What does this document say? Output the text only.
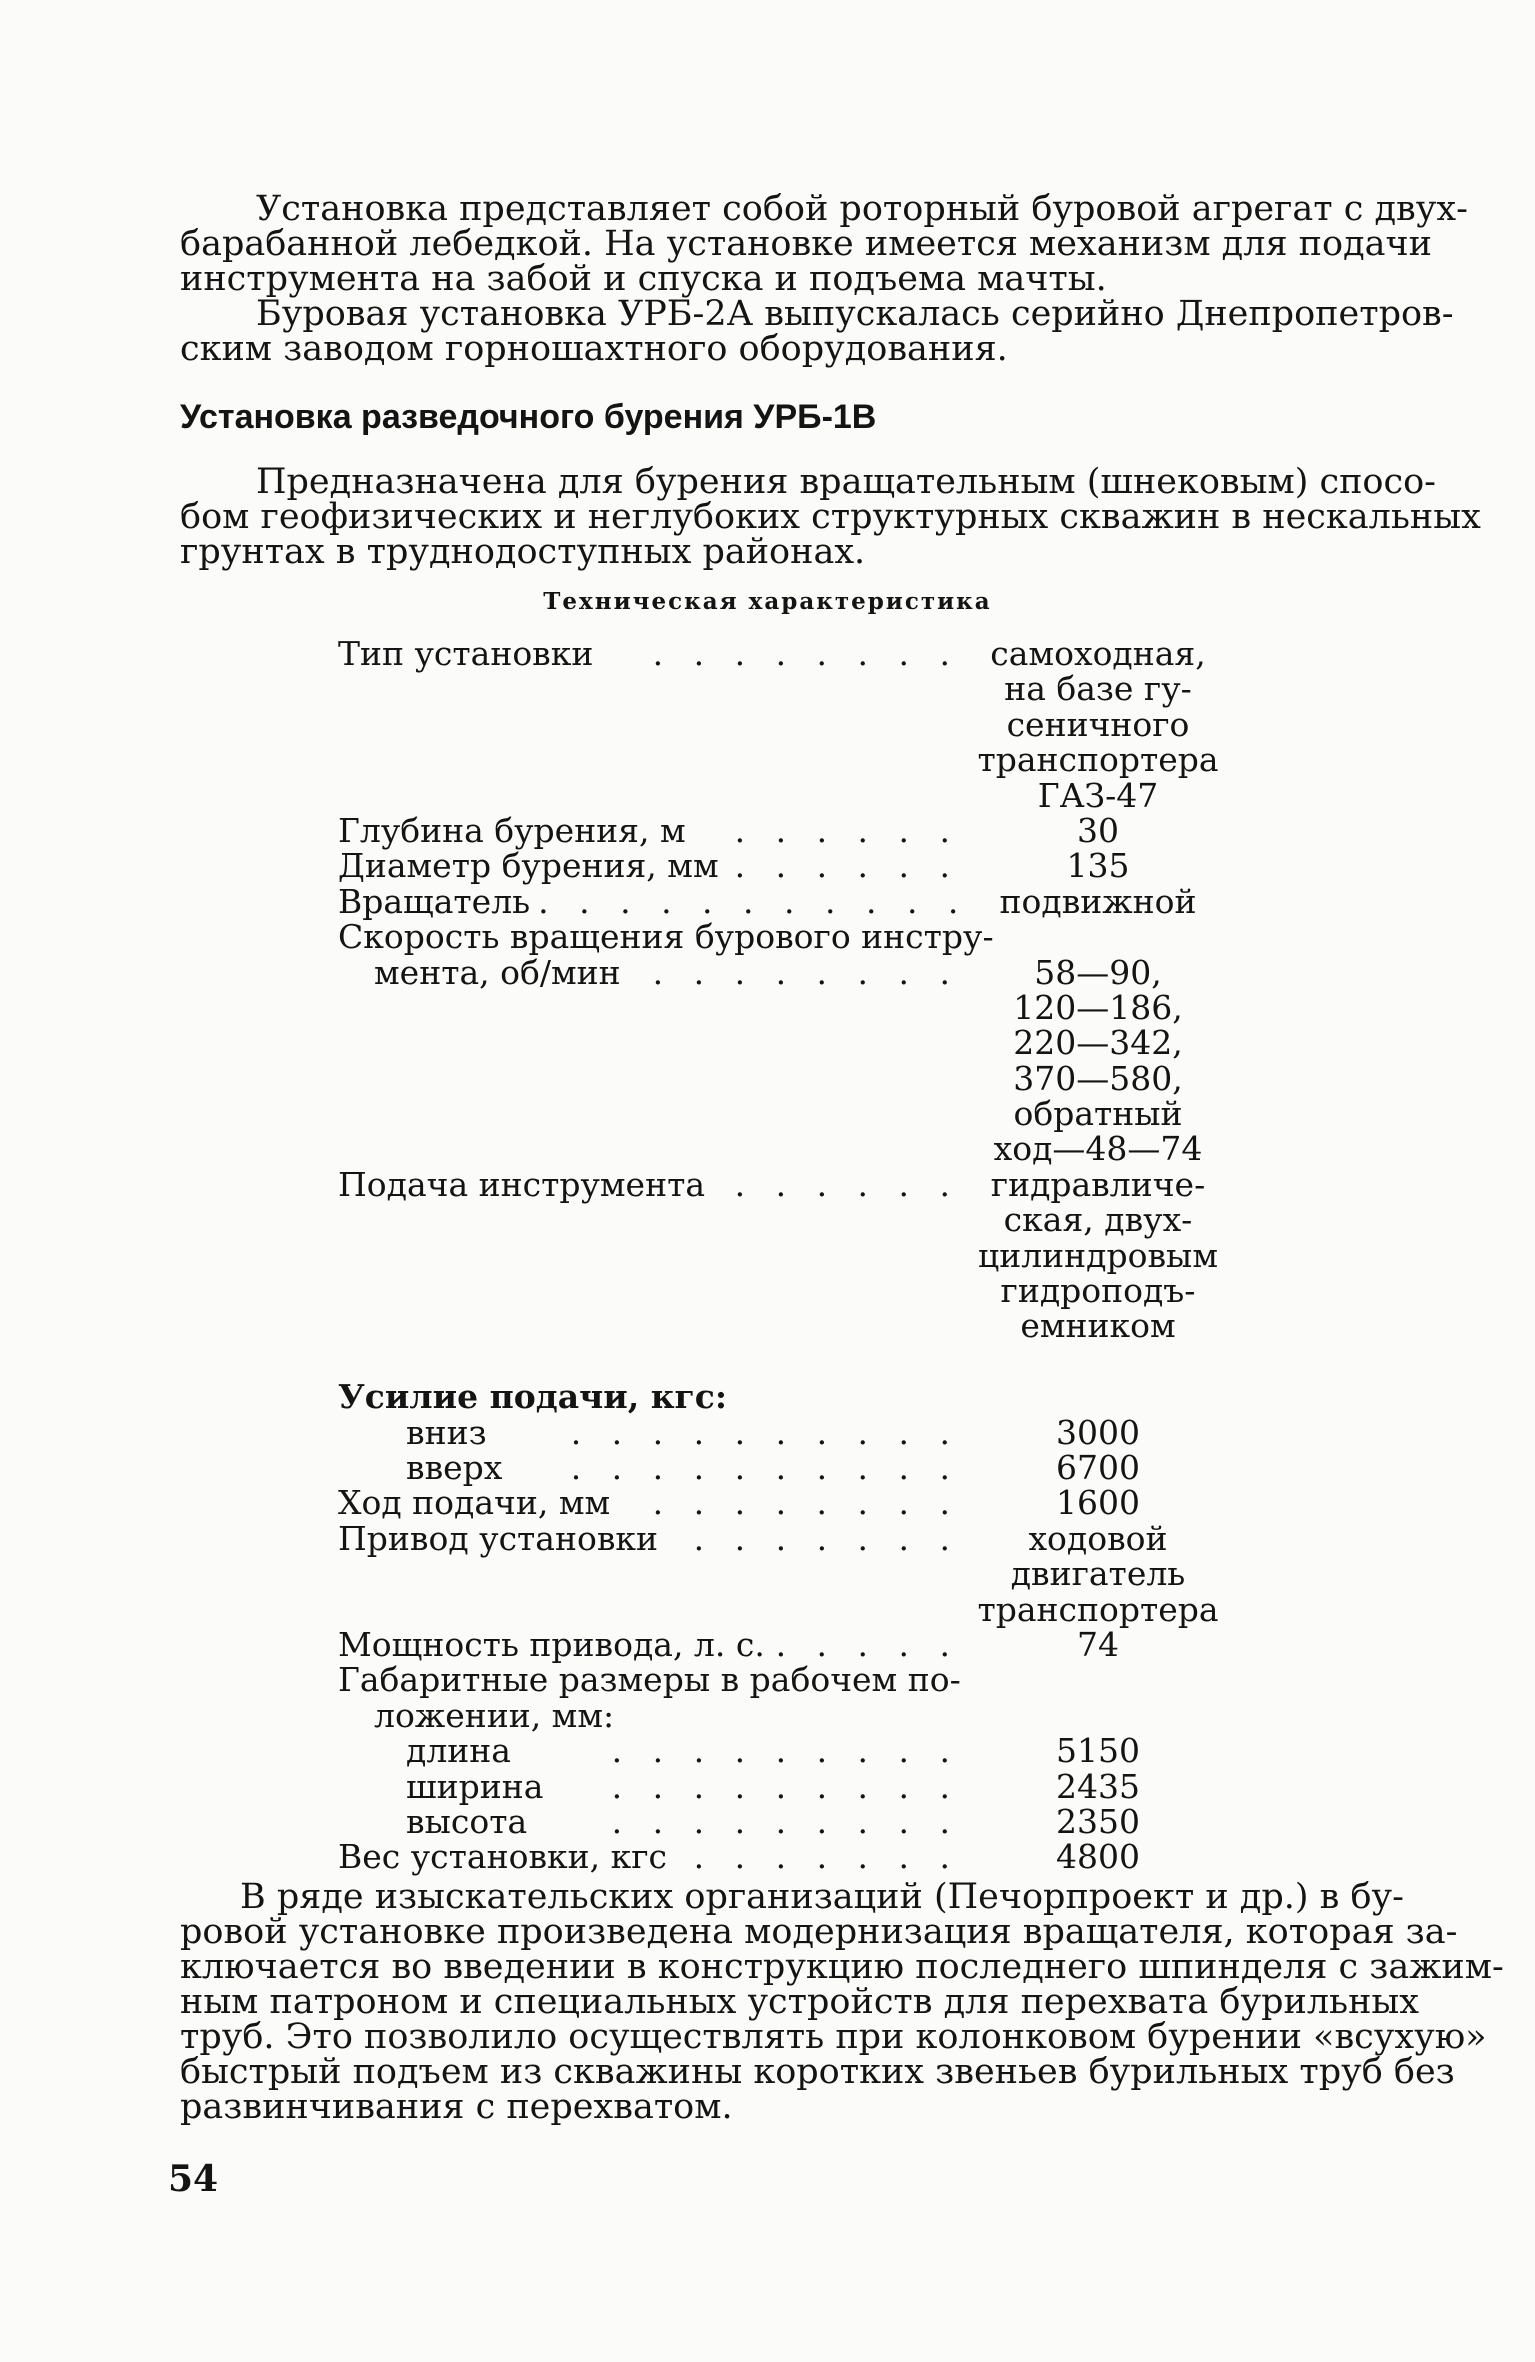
Установка представляет собой роторный буровой агрегат с двух-
барабанной лебедкой. На установке имеется механизм для подачи
инструмента на забой и спуска и подъема мачты.
Буровая установка УРБ-2А выпускалась серийно Днепропетров-
ским заводом горношахтного оборудования.
Установка разведочного бурения УРБ-1В
Предназначена для бурения вращательным (шнековым) спосо-
бом геофизических и неглубоких структурных скважин в нескальных
грунтах в труднодоступных районах.
Техническая характеристика
Тип установки . . . . . . . . самоходная,
на базе гу-
сеничного
транспортера
ГАЗ-47
Глубина бурения, м . . . . . .	30
Диаметр бурения, мм . . . . . .	135
Вращатель . . . . . . . . . . . подвижной
Скорость вращения бурового инстру-
мента, об/мин . . . . . . . .	58—90,
120—186,
220—342,
370—580,
обратный
ход—48—74
Подача инструмента . . . . . . гидравличе-
ская, двух-
цилиндровым
гидроподъ-
емником
Усилие подачи, кгс:
вниз	. . . . . . . . . .	3000
вверх . . . . . . . . . .	6700
Ход подачи, мм . . . . . . . .	1600
Привод установки . . . . . . .	ходовой
двигатель
транспортера
Мощность привода, л. с. . . . . .	74
Габаритные размеры в рабочем по-
ложении, мм:
длина	. . . . . . . . .	5150
ширина . . . . . . . . .	2435
высота	. . . . . . . . .	2350
Вес установки, кгс . . . . . . .	4800
В ряде изыскательских организаций (Печорпроект и др.) в бу-
ровой установке произведена модернизация вращателя, которая за-
ключается во введении в конструкцию последнего шпинделя с зажим-
ным патроном и специальных устройств для перехвата бурильных
труб. Это позволило осуществлять при колонковом бурении «всухую»
быстрый подъем из скважины коротких звеньев бурильных труб без
развинчивания с перехватом.
54
